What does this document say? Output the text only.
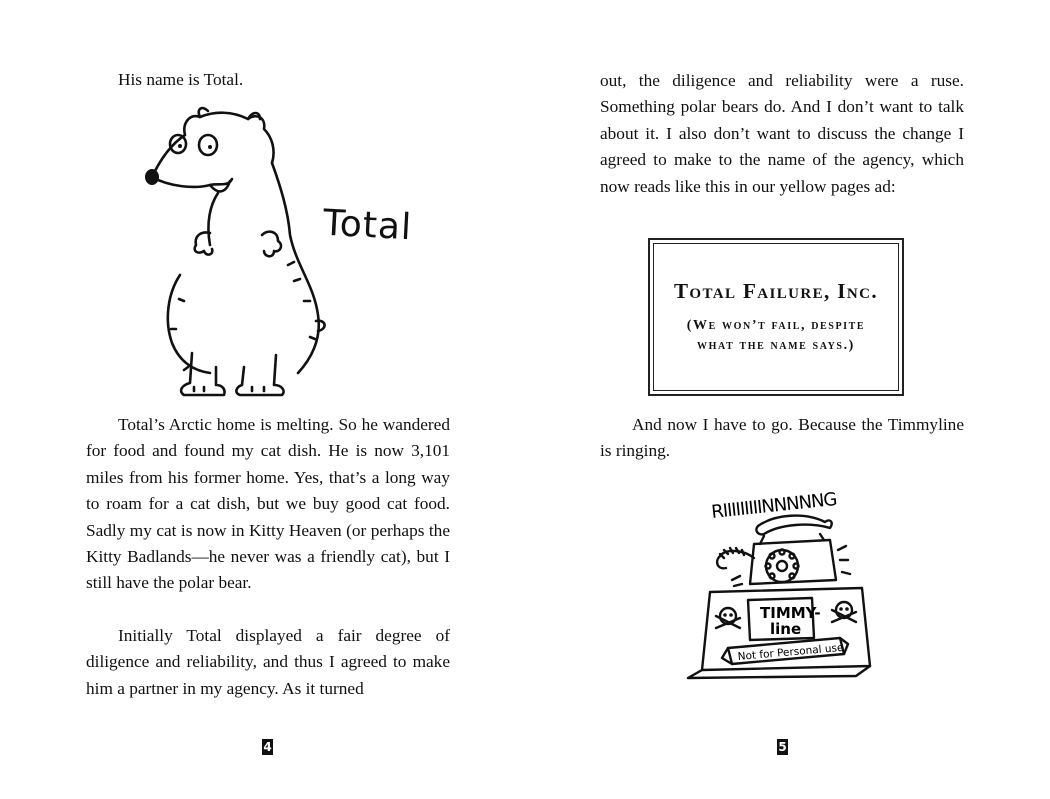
His name is Total.

Total

Total’s Arctic home is melting. So he wandered for food and found my cat dish. He is now 3,101 miles from his former home. Yes, that’s a long way to roam for a cat dish, but we buy good cat food. Sadly my cat is now in Kitty Heaven (or perhaps the Kitty Badlands—he never was a friendly cat), but I still have the polar bear.

Initially Total displayed a fair degree of diligence and reliability, and thus I agreed to make him a partner in my agency. As it turned

4

out, the diligence and reliability were a ruse. Something polar bears do. And I don’t want to talk about it. I also don’t want to discuss the change I agreed to make to the name of the agency, which now reads like this in our yellow pages ad:

And now I have to go. Because the Timmyline is ringing.

5
Total Failure, Inc.
(We won’t fail, despite what the name says.)
RIIIIIIIIINNNNNG
TIMMY-
line
Not for Personal use
